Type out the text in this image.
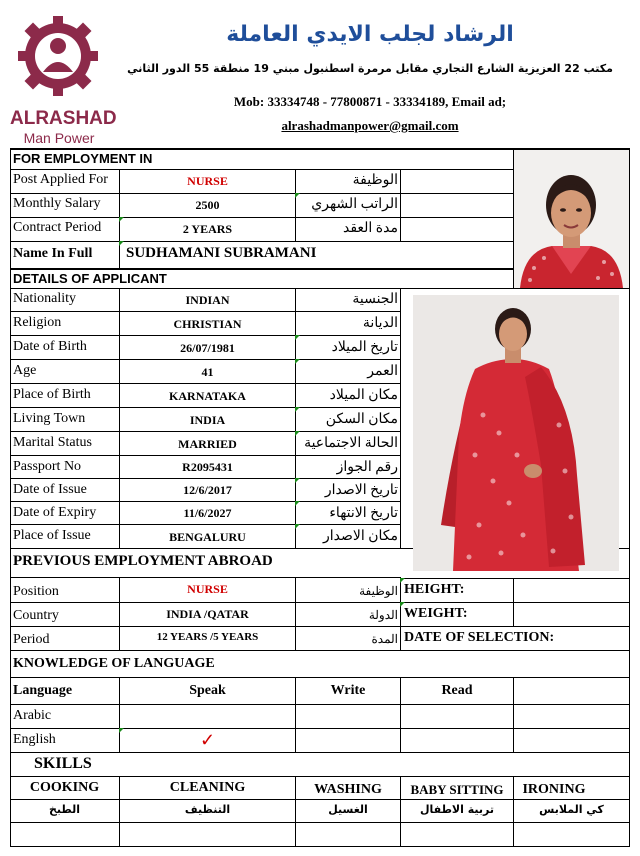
ALRASHAD
Man Power
الرشاد لجلب الايدي العاملة
مكتب 22 العزيزية الشارع التجاري مقابل مرمرة اسطنبول مبني 19 منطقة 55 الدور الثاني
Mob: 33334748 - 77800871 - 33334189, Email ad;
alrashadmanpower@gmail.com
FOR EMPLOYMENT IN
Post Applied For	NURSE	الوظيفة
Monthly Salary	2500	الراتب الشهري
Contract Period	2 YEARS	مدة العقد
Name In Full SUDHAMANI SUBRAMANI
DETAILS OF APPLICANT
Nationality	INDIAN	الجنسية
Religion	CHRISTIAN	الديانة
Date of Birth	26/07/1981	تاريخ الميلاد
Age	41	العمر
Place of Birth	KARNATAKA	مكان الميلاد
Living Town	INDIA	مكان السكن
Marital Status	MARRIED	الحالة الاجتماعية
Passport No	R2095431	رقم الجواز
Date of Issue	12/6/2017	تاريخ الاصدار
Date of Expiry	11/6/2027	تاريخ الانتهاء
Place of Issue	BENGALURU	مكان الاصدار
PREVIOUS EMPLOYMENT ABROAD
Position	NURSE	الوظيفة HEIGHT:
Country	INDIA /QATAR	الدولة WEIGHT:
Period	12 YEARS /5 YEARS	المدة DATE OF SELECTION:
KNOWLEDGE OF LANGUAGE
Language	Speak	Write	Read
Arabic
English	✓
SKILLS
COOKING	CLEANING	WASHING	BABY SITTING	IRONING
الطبخ	التنظيف	الغسيل	تربية الاطفال	كي الملابس
